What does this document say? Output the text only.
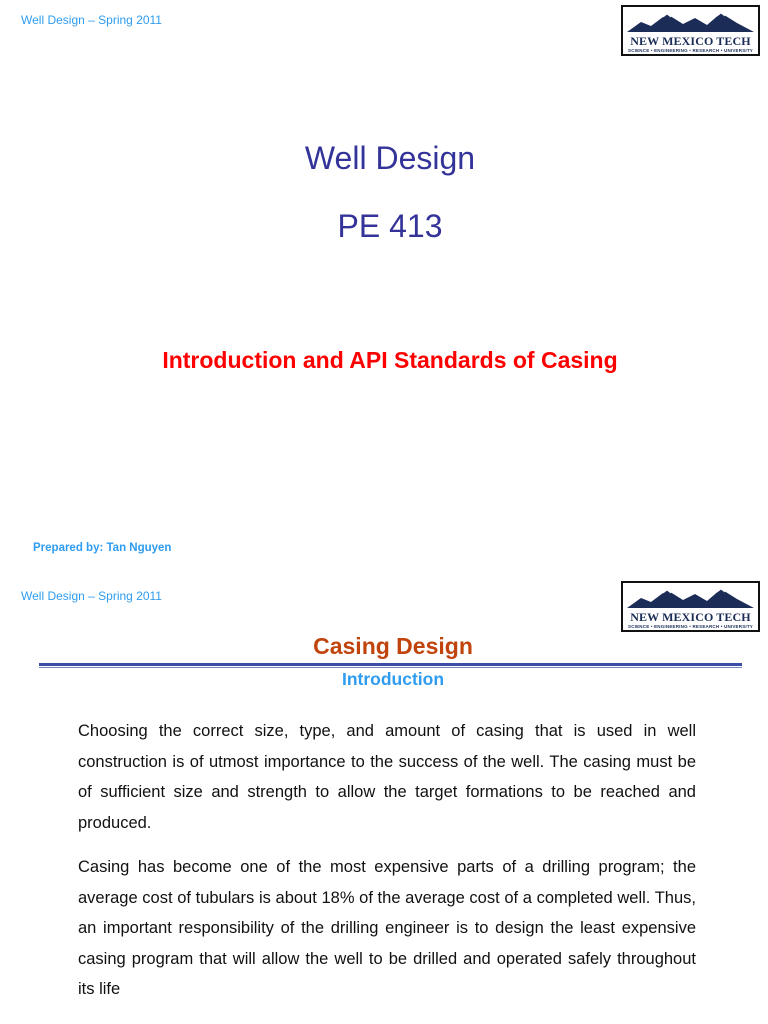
Well Design – Spring 2011
NEW MEXICO TECH
SCIENCE • ENGINEERING • RESEARCH • UNIVERSITY
Well Design
PE 413
Introduction and API Standards of Casing
Prepared by: Tan Nguyen
Well Design – Spring 2011
NEW MEXICO TECH
SCIENCE • ENGINEERING • RESEARCH • UNIVERSITY
Casing Design
Introduction

Choosing the correct size, type, and amount of casing that is used in well construction is of utmost importance to the success of the well. The casing must be of sufficient size and strength to allow the target formations to be reached and produced.

Casing has become one of the most expensive parts of a drilling program; the average cost of tubulars is about 18% of the average cost of a completed well. Thus, an important responsibility of the drilling engineer is to design the least expensive casing program that will allow the well to be drilled and operated safely throughout its life
